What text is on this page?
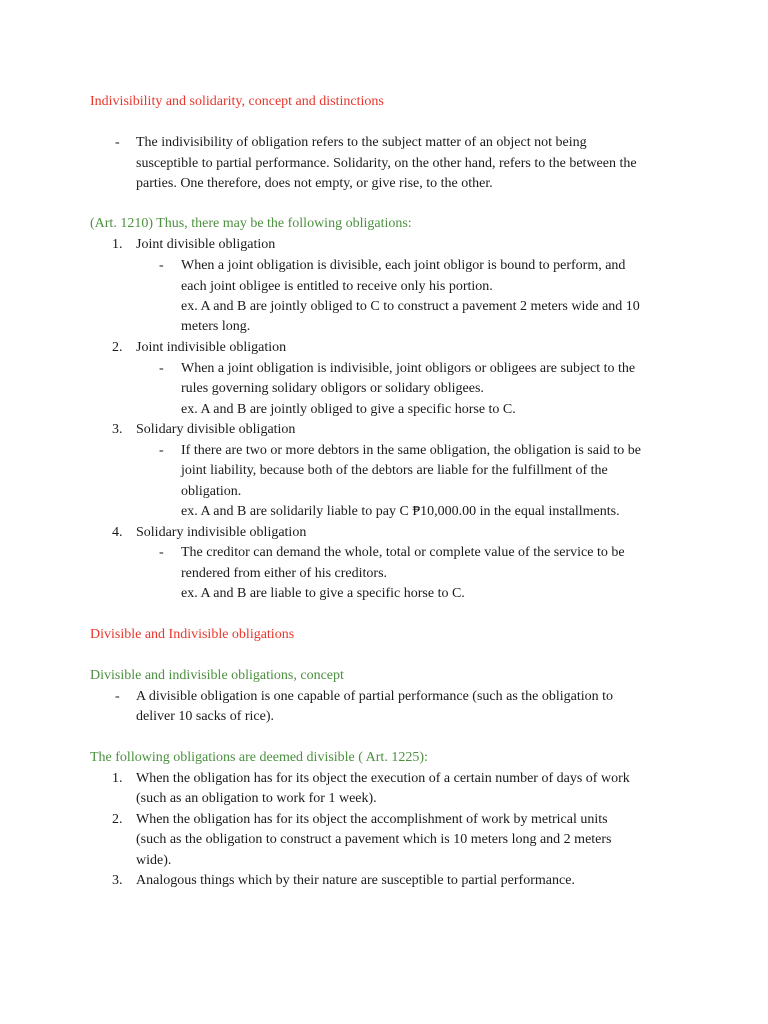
Indivisibility and solidarity, concept and distinctions
- The indivisibility of obligation refers to the subject matter of an object not being
susceptible to partial performance. Solidarity, on the other hand, refers to the between the
parties. One therefore, does not empty, or give rise, to the other.
(Art. 1210) Thus, there may be the following obligations:
1. Joint divisible obligation
- When a joint obligation is divisible, each joint obligor is bound to perform, and
each joint obligee is entitled to receive only his portion.
ex. A and B are jointly obliged to C to construct a pavement 2 meters wide and 10
meters long.
2. Joint indivisible obligation
- When a joint obligation is indivisible, joint obligors or obligees are subject to the
rules governing solidary obligors or solidary obligees.
ex. A and B are jointly obliged to give a specific horse to C.
3. Solidary divisible obligation
- If there are two or more debtors in the same obligation, the obligation is said to be
joint liability, because both of the debtors are liable for the fulfillment of the
obligation.
ex. A and B are solidarily liable to pay C ₱10,000.00 in the equal installments.
4. Solidary indivisible obligation
- The creditor can demand the whole, total or complete value of the service to be
rendered from either of his creditors.
ex. A and B are liable to give a specific horse to C.
Divisible and Indivisible obligations
Divisible and indivisible obligations, concept
- A divisible obligation is one capable of partial performance (such as the obligation to
deliver 10 sacks of rice).
The following obligations are deemed divisible ( Art. 1225):
1. When the obligation has for its object the execution of a certain number of days of work
(such as an obligation to work for 1 week).
2. When the obligation has for its object the accomplishment of work by metrical units
(such as the obligation to construct a pavement which is 10 meters long and 2 meters
wide).
3. Analogous things which by their nature are susceptible to partial performance.
